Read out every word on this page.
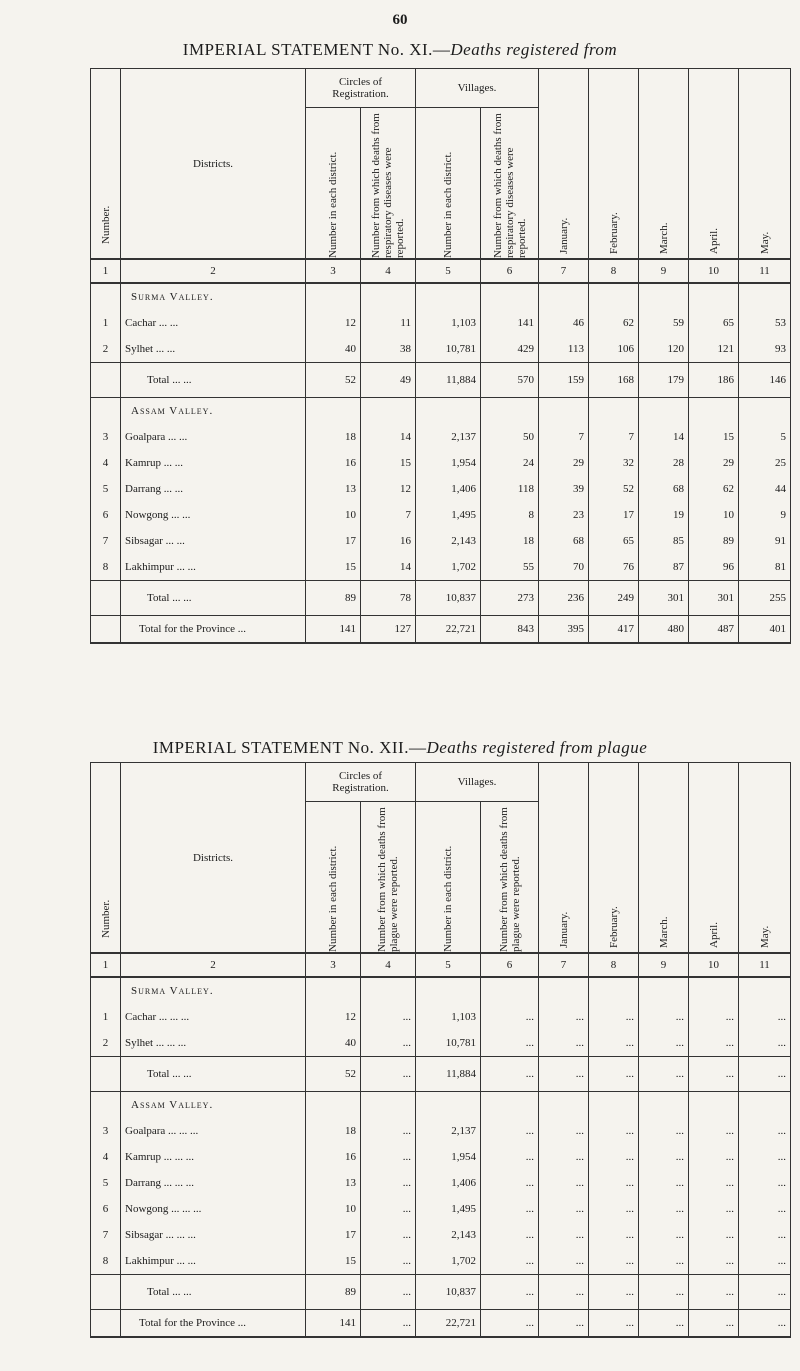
60
IMPERIAL STATEMENT No. XI.—Deaths registered from
Number.	Districts.	Circles of Registration.		Villages.		January.	February.	March.	April.	May.

		Number in each district.	Number from which deaths from respiratory diseases were reported.	Number in each district.	Number from which deaths from respiratory diseases were reported.					

1	2	3	4	5	6	7	8	9	10	11
	Surma Valley.									
1	Cachar ... ...	12	11	1,103	141	46	62	59	65	53
2	Sylhet ... ...	40	38	10,781	429	113	106	120	121	93
	Total ... ...	52	49	11,884	570	159	168	179	186	146
	Assam Valley.									
3	Goalpara ... ...	18	14	2,137	50	7	7	14	15	5
4	Kamrup ... ...	16	15	1,954	24	29	32	28	29	25
5	Darrang ... ...	13	12	1,406	118	39	52	68	62	44
6	Nowgong ... ...	10	7	1,495	8	23	17	19	10	9
7	Sibsagar ... ...	17	16	2,143	18	68	65	85	89	91
8	Lakhimpur ... ...	15	14	1,702	55	70	76	87	96	81
	Total ... ...	89	78	10,837	273	236	249	301	301	255
	Total for the Province ...	141	127	22,721	843	395	417	480	487	401
IMPERIAL STATEMENT No. XII.—Deaths registered from plague
Number.	Districts.	Circles of Registration.		Villages.		January.	February.	March.	April.	May.

		Number in each district.	Number from which deaths from plague were reported.	Number in each district.	Number from which deaths from plague were reported.					

1	2	3	4	5	6	7	8	9	10	11
	Surma Valley.									
1	Cachar ... ... ...	12	...	1,103	...	...	...	...	...	...
2	Sylhet ... ... ...	40	...	10,781	...	...	...	...	...	...
	Total ... ...	52	...	11,884	...	...	...	...	...	...
	Assam Valley.									
3	Goalpara ... ... ...	18	...	2,137	...	...	...	...	...	...
4	Kamrup ... ... ...	16	...	1,954	...	...	...	...	...	...
5	Darrang ... ... ...	13	...	1,406	...	...	...	...	...	...
6	Nowgong ... ... ...	10	...	1,495	...	...	...	...	...	...
7	Sibsagar ... ... ...	17	...	2,143	...	...	...	...	...	...
8	Lakhimpur ... ...	15	...	1,702	...	...	...	...	...	...
	Total ... ...	89	...	10,837	...	...	...	...	...	...
	Total for the Province ...	141	...	22,721	...	...	...	...	...	...
